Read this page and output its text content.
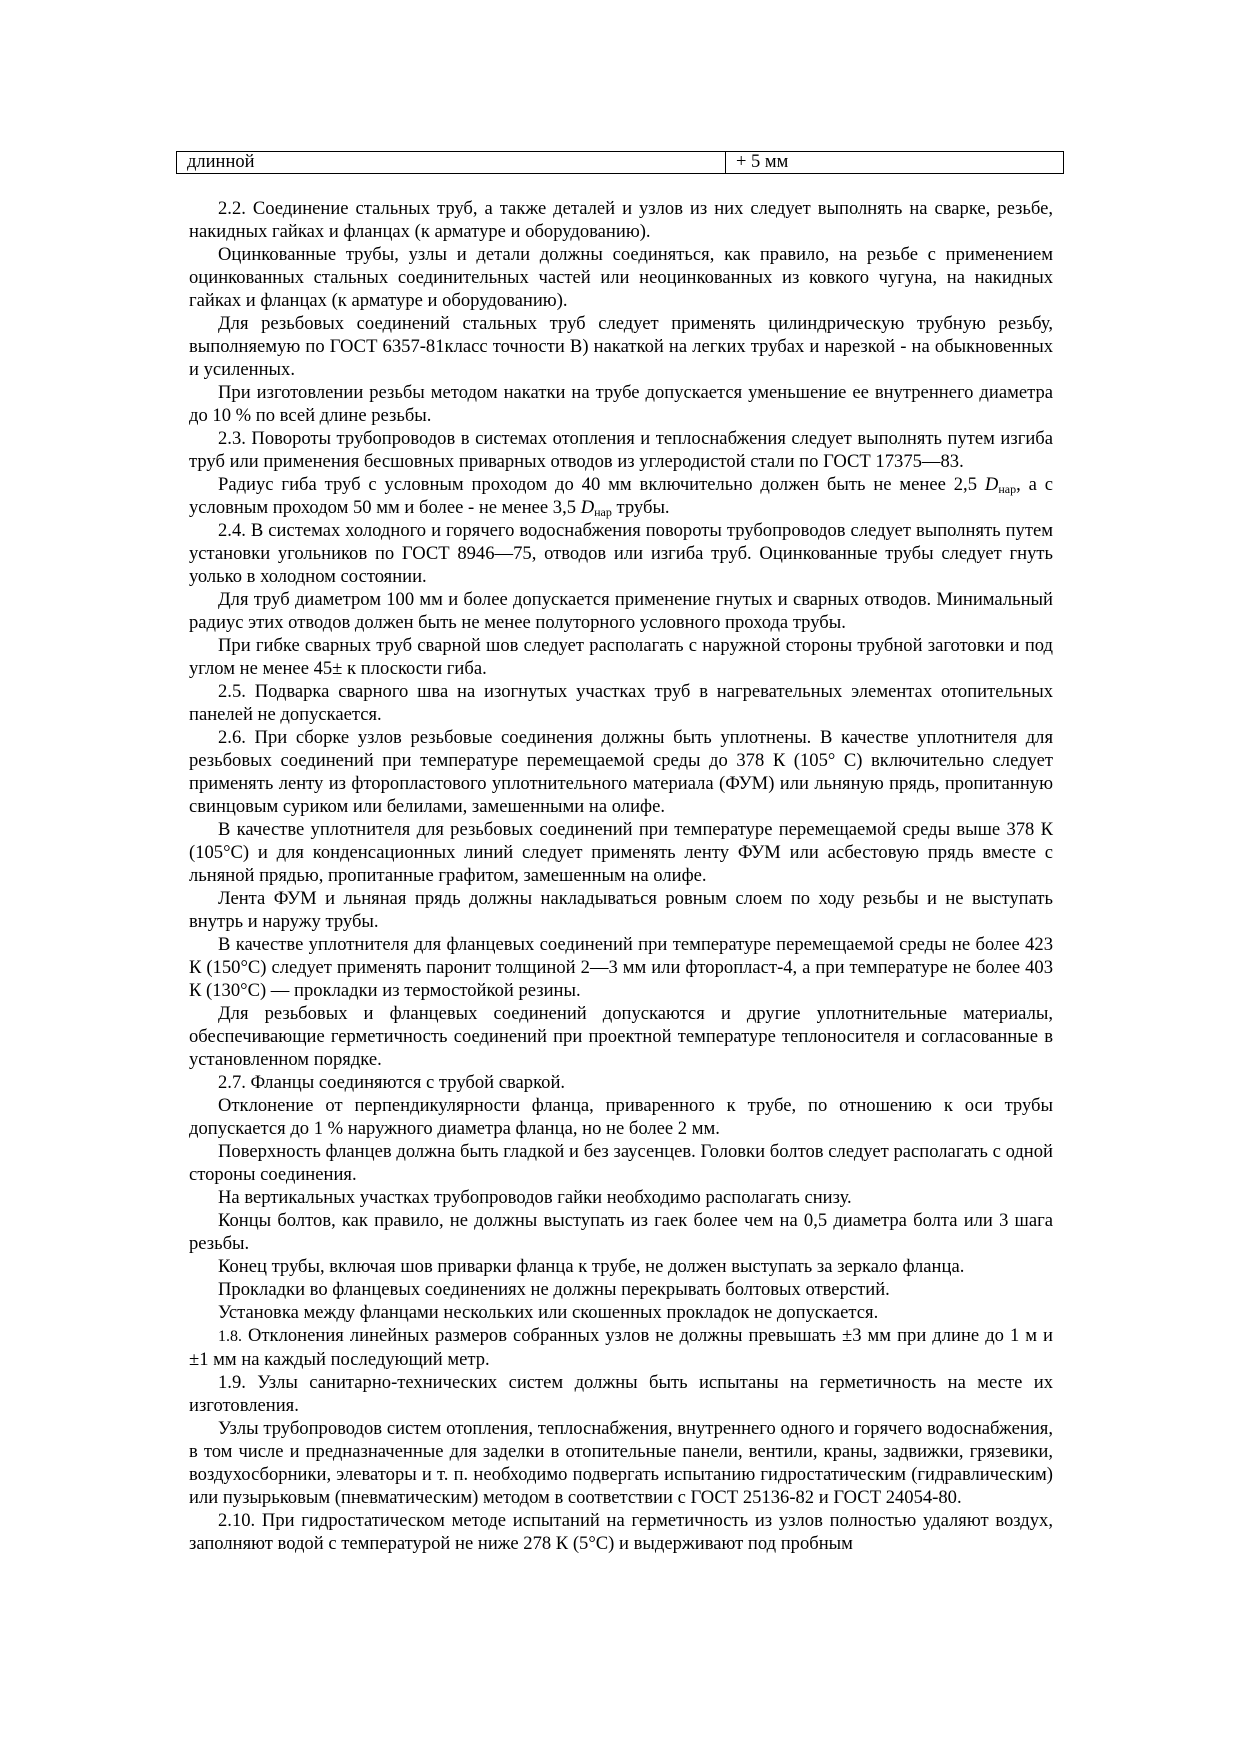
длинной	+ 5 мм

2.2. Соединение стальных труб, а также деталей и узлов из них следует выполнять на сварке, резьбе, накидных гайках и фланцах (к арматуре и оборудованию).

Оцинкованные трубы, узлы и детали должны соединяться, как правило, на резьбе с применением оцинкованных стальных соединительных частей или неоцинкованных из ковкого чугуна, на накидных гайках и фланцах (к арматуре и оборудованию).

Для резьбовых соединений стальных труб следует применять цилиндрическую трубную резьбу, выполняемую по ГОСТ 6357-81класс точности В) накаткой на легких трубах и нарезкой - на обыкновенных и усиленных.

При изготовлении резьбы методом накатки на трубе допускается уменьшение ее внутреннего диаметра до 10 % по всей длине резьбы.

2.3. Повороты трубопроводов в системах отопления и теплоснабжения следует выполнять путем изгиба труб или применения бесшовных приварных отводов из углеродистой стали по ГОСТ 17375—83.

Радиус гиба труб с условным проходом до 40 мм включительно должен быть не менее 2,5 $D_{нар}$, а с условным проходом 50 мм и более - не менее 3,5 $D_{нар}$ трубы.

2.4. В системах холодного и горячего водоснабжения повороты трубопроводов следует выполнять путем установки угольников по ГОСТ 8946—75, отводов или изгиба труб. Оцинкованные трубы следует гнуть уолько в холодном состоянии.

Для труб диаметром 100 мм и более допускается применение гнутых и сварных отводов. Минимальный радиус этих отводов должен быть не менее полуторного условного прохода трубы.

При гибке сварных труб сварной шов следует располагать с наружной стороны трубной заготовки и под углом не менее 45± к плоскости гиба.

2.5. Подварка сварного шва на изогнутых участках труб в нагревательных элементах отопительных панелей не допускается.

2.6. При сборке узлов резьбовые соединения должны быть уплотнены. В качестве уплотнителя для резьбовых соединений при температуре перемещаемой среды до 378 К (105° С) включительно следует применять ленту из фторопластового уплотнительного материала (ФУМ) или льняную прядь, пропитанную свинцовым суриком или белилами, замешенными на олифе.

В качестве уплотнителя для резьбовых соединений при температуре перемещаемой среды выше 378 К (105°С) и для конденсационных линий следует применять ленту ФУМ или асбестовую прядь вместе с льняной прядью, пропитанные графитом, замешенным на олифе.

Лента ФУМ и льняная прядь должны накладываться ровным слоем по ходу резьбы и не выступать внутрь и наружу трубы.

В качестве уплотнителя для фланцевых соединений при температуре перемещаемой среды не более 423 К (150°С) следует применять паронит толщиной 2—3 мм или фторопласт-4, а при температуре не более 403 К (130°С) — прокладки из термостойкой резины.

Для резьбовых и фланцевых соединений допускаются и другие уплотнительные материалы, обеспечивающие герметичность соединений при проектной температуре теплоносителя и согласованные в установленном порядке.

2.7. Фланцы соединяются с трубой сваркой.

Отклонение от перпендикулярности фланца, приваренного к трубе, по отношению к оси трубы допускается до 1 % наружного диаметра фланца, но не более 2 мм.

Поверхность фланцев должна быть гладкой и без заусенцев. Головки болтов следует располагать с одной стороны соединения.

На вертикальных участках трубопроводов гайки необходимо располагать снизу.

Концы болтов, как правило, не должны выступать из гаек более чем на 0,5 диаметра болта или 3 шага резьбы.

Конец трубы, включая шов приварки фланца к трубе, не должен выступать за зеркало фланца.

Прокладки во фланцевых соединениях не должны перекрывать болтовых отверстий.

Установка между фланцами нескольких или скошенных прокладок не допускается.

1.8. Отклонения линейных размеров собранных узлов не должны превышать ±3 мм при длине до 1 м и ±1 мм на каждый последующий метр.

1.9. Узлы санитарно-технических систем должны быть испытаны на герметичность на месте их изготовления.

Узлы трубопроводов систем отопления, теплоснабжения, внутреннего одного и горячего водоснабжения, в том числе и предназначенные для заделки в отопительные панели, вентили, краны, задвижки, грязевики, воздухосборники, элеваторы и т. п. необходимо подвергать испытанию гидростатическим (гидравлическим) или пузырьковым (пневматическим) методом в соответствии с ГОСТ 25136-82 и ГОСТ 24054-80.

2.10. При гидростатическом методе испытаний на герметичность из узлов полностью удаляют воздух, заполняют водой с температурой не ниже 278 К (5°С) и выдерживают под пробным
